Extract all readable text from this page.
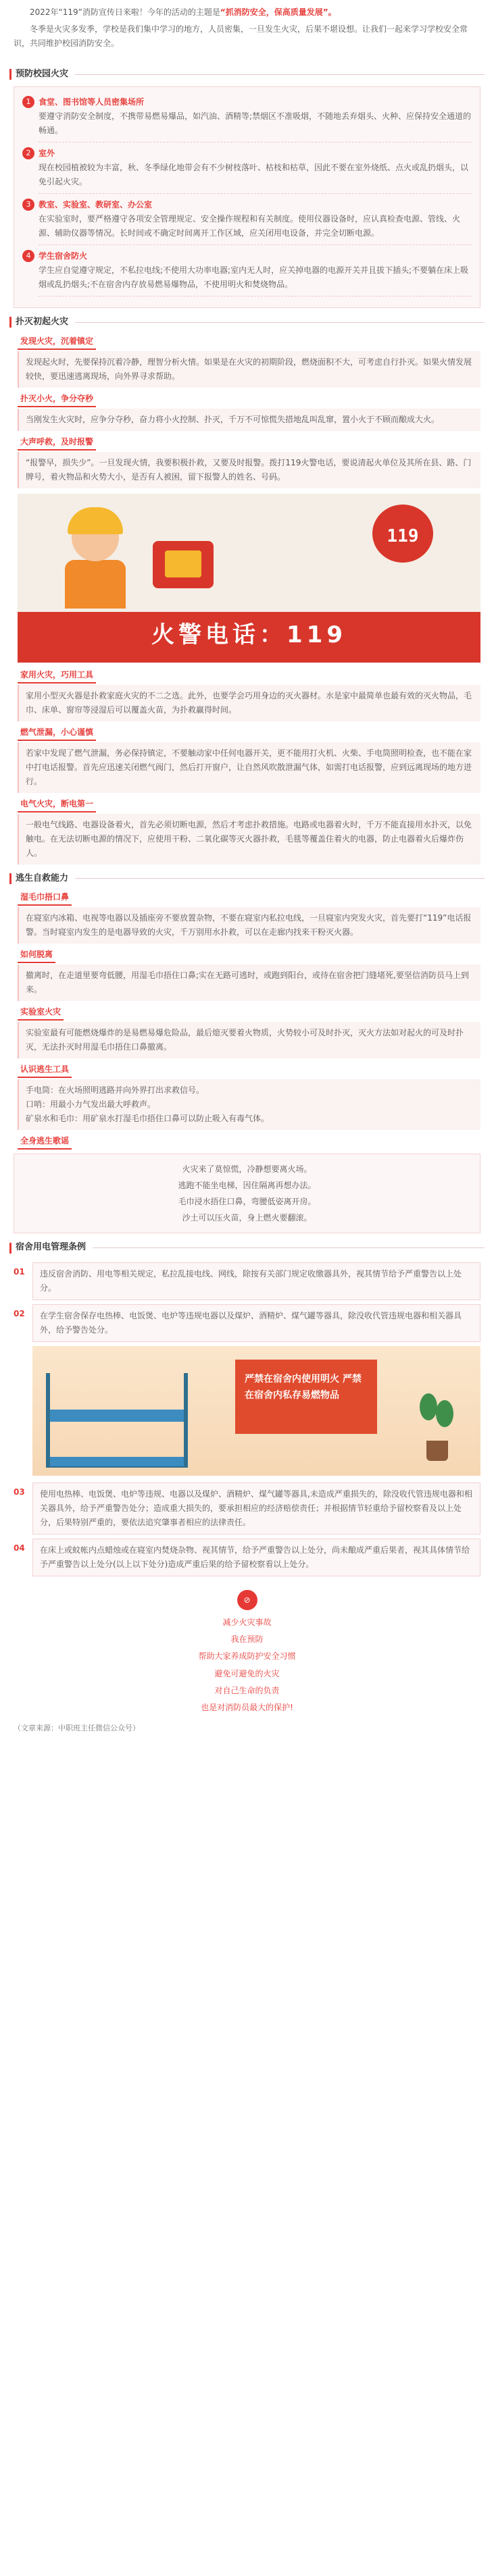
2022年“119”消防宣传日来啦！今年的活动的主题是“抓消防安全，保高质量发展”。

冬季是火灾多发季，学校是我们集中学习的地方，人员密集，一旦发生火灾，后果不堪设想。让我们一起来学习学校安全常识，共同维护校园消防安全。

预防校园火灾
1 食堂、图书馆等人员密集场所
要遵守消防安全制度，不携带易燃易爆品，如汽油、酒精等;禁烟区不准吸烟，不随地丢弃烟头、火种、应保持安全通道的畅通。
2 室外
现在校园植被较为丰富，秋、冬季绿化地带会有不少树枝落叶、枯枝和枯草，因此不要在室外烧纸、点火或乱扔烟头，以免引起火灾。
3 教室、实验室、教研室、办公室
在实验室时，要严格遵守各项安全管理规定、安全操作规程和有关制度。使用仪器设备时，应认真检查电源、管线、火源、辅助仪器等情况。长时间或不确定时间离开工作区域，应关闭用电设备，并完全切断电源。
4 学生宿舍防火
学生应自觉遵守规定，不私拉电线;不使用大功率电器;室内无人时，应关掉电器的电源开关并且拔下插头;不要躺在床上吸烟或乱扔烟头;不在宿舍内存放易燃易爆物品，不使用明火和焚烧物品。
扑灭初起火灾
发现火灾，沉着镇定
发现起火时，先要保持沉着冷静，理智分析火情。如果是在火灾的初期阶段，燃烧面积不大，可考虑自行扑灭。如果火情发展较快，要迅速逃离现场，向外界寻求帮助。
扑灭小火，争分夺秒
当刚发生火灾时，应争分夺秒，奋力将小火控制、扑灭，千万不可惊慌失措地乱叫乱窜，置小火于不顾而酿成大火。
大声呼救，及时报警
“报警早，损失少”。一旦发现火情，我要积极扑救，又要及时报警。拨打119火警电话，要说清起火单位及其所在县、路、门牌号，着火物品和火势大小，是否有人被困，留下报警人的姓名、号码。
119
火警电话：119
家用火灾，巧用工具
家用小型灭火器是扑救家庭火灾的不二之选。此外，也要学会巧用身边的灭火器材。水是家中最简单也最有效的灭火物品，毛巾、床单、窗帘等浸湿后可以覆盖火苗，为扑救赢得时间。
燃气泄漏，小心谨慎
若家中发现了燃气泄漏，务必保持镇定，不要触动家中任何电器开关，更不能用打火机、火柴、手电筒照明检查，也不能在家中打电话报警。首先应迅速关闭燃气阀门，然后打开窗户，让自然风吹散泄漏气体，如需打电话报警，应到远离现场的地方进行。
电气火灾，断电第一
一般电气线路、电器设备着火，首先必须切断电源，然后才考虑扑救措施。电路或电器着火时，千万不能直接用水扑灭，以免触电。在无法切断电源的情况下，应使用干粉、二氧化碳等灭火器扑救，毛毯等覆盖住着火的电器，防止电器着火后爆炸伤人。
逃生自救能力
湿毛巾捂口鼻
在寝室内冰箱、电视等电器以及插座旁不要放置杂物，不要在寝室内私拉电线，一旦寝室内突发火灾，首先要打“119”电话报警。当时寝室内发生的是电器导致的火灾，千万别用水扑救，可以在走廊内找来干粉灭火器。
如何脱离
撤离时，在走道里要弯低腰，用湿毛巾捂住口鼻;实在无路可逃时，或跑到阳台，或待在宿舍把门缝堵死,要坚信消防员马上到来。
实验室火灾
实验室最有可能燃烧爆炸的是易燃易爆危险品，最后熄灭要着火物质，火势较小可及时扑灭，灭火方法如对起火的可及时扑灭，无法扑灭时用湿毛巾捂住口鼻撤离。
认识逃生工具
手电筒：在火场照明逃路并向外界打出求救信号。
口哨：用最小力气发出最大呼救声。
矿泉水和毛巾：用矿泉水打湿毛巾捂住口鼻可以防止吸入有毒气体。
全身逃生歌谣
火灾来了莫惊慌，冷静想要离火场。
逃跑不能坐电梯，因住隔离再想办法。
毛巾浸水捂住口鼻，弯腰低姿离开房。
沙土可以压火苗，身上燃火要翻滚。
宿舍用电管理条例
01	违反宿舍消防、用电等相关规定，私拉乱接电线、网线，除按有关部门规定收缴器具外，视其情节给予严重警告以上处分。
02	在学生宿舍保存电热棒、电饭煲、电炉等违规电器以及煤炉、酒精炉、煤气罐等器具，除没收代管违规电器和相关器具外，给予警告处分。
严禁在宿舍内使用明火 严禁在宿舍内私存易燃物品
03	使用电热棒、电饭煲、电炉等违规、电器以及煤炉、酒精炉、煤气罐等器具,未造成严重损失的，除没收代管违规电器和相关器具外，给予严重警告处分；造成重大损失的，要承担相应的经济赔偿责任；并根据情节轻重给予留校察看及以上处分，后果特别严重的，要依法追究肇事者相应的法律责任。
04	在床上或蚊帐内点蜡烛或在寝室内焚烧杂物、视其情节，给予严重警告以上处分，尚未酿成严重后果者，视其具体情节给予严重警告以上处分(以上以下处分)造成严重后果的给予留校察看以上处分。
⊘
减少火灾事故
我在预防
帮助大家养成防护安全习惯
避免可避免的火灾
对自己生命的负责
也是对消防员最大的保护!
（文章来源：中职班主任微信公众号）
